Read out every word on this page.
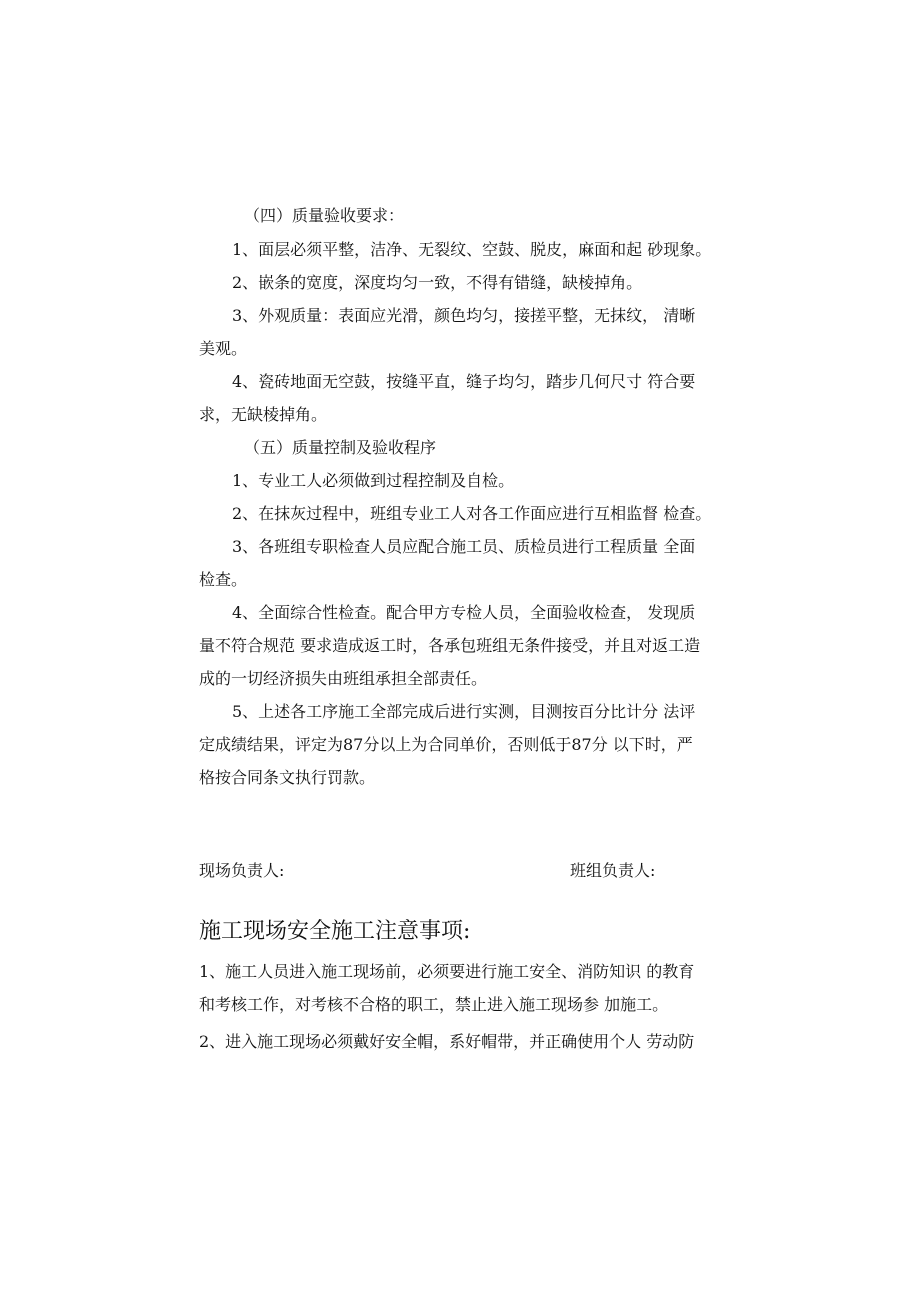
（四）质量验收要求：
1、面层必须平整，洁净、无裂纹、空鼓、脱皮，麻面和起 砂现象。
2、嵌条的宽度，深度均匀一致，不得有错缝，缺棱掉角。
3、外观质量：表面应光滑，颜色均匀，接搓平整，无抹纹， 清晰
美观。
4、瓷砖地面无空鼓，按缝平直，缝子均匀，踏步几何尺寸 符合要
求，无缺棱掉角。
（五）质量控制及验收程序
1、专业工人必须做到过程控制及自检。
2、在抹灰过程中，班组专业工人对各工作面应进行互相监督 检查。
3、各班组专职检查人员应配合施工员、质检员进行工程质量 全面
检查。
4、全面综合性检查。配合甲方专检人员，全面验收检查， 发现质
量不符合规范 要求造成返工时，各承包班组无条件接受，并且对返工造
成的一切经济损失由班组承担全部责任。
5、上述各工序施工全部完成后进行实测，目测按百分比计分 法评
定成绩结果，评定为87分以上为合同单价，否则低于87分 以下时，严
格按合同条文执行罚款。
现场负责人:	班组负责人:
施工现场安全施工注意事项:
1、施工人员进入施工现场前，必须要进行施工安全、消防知识 的教育
和考核工作，对考核不合格的职工，禁止进入施工现场参 加施工。
2、进入施工现场必须戴好安全帽，系好帽带，并正确使用个人 劳动防
